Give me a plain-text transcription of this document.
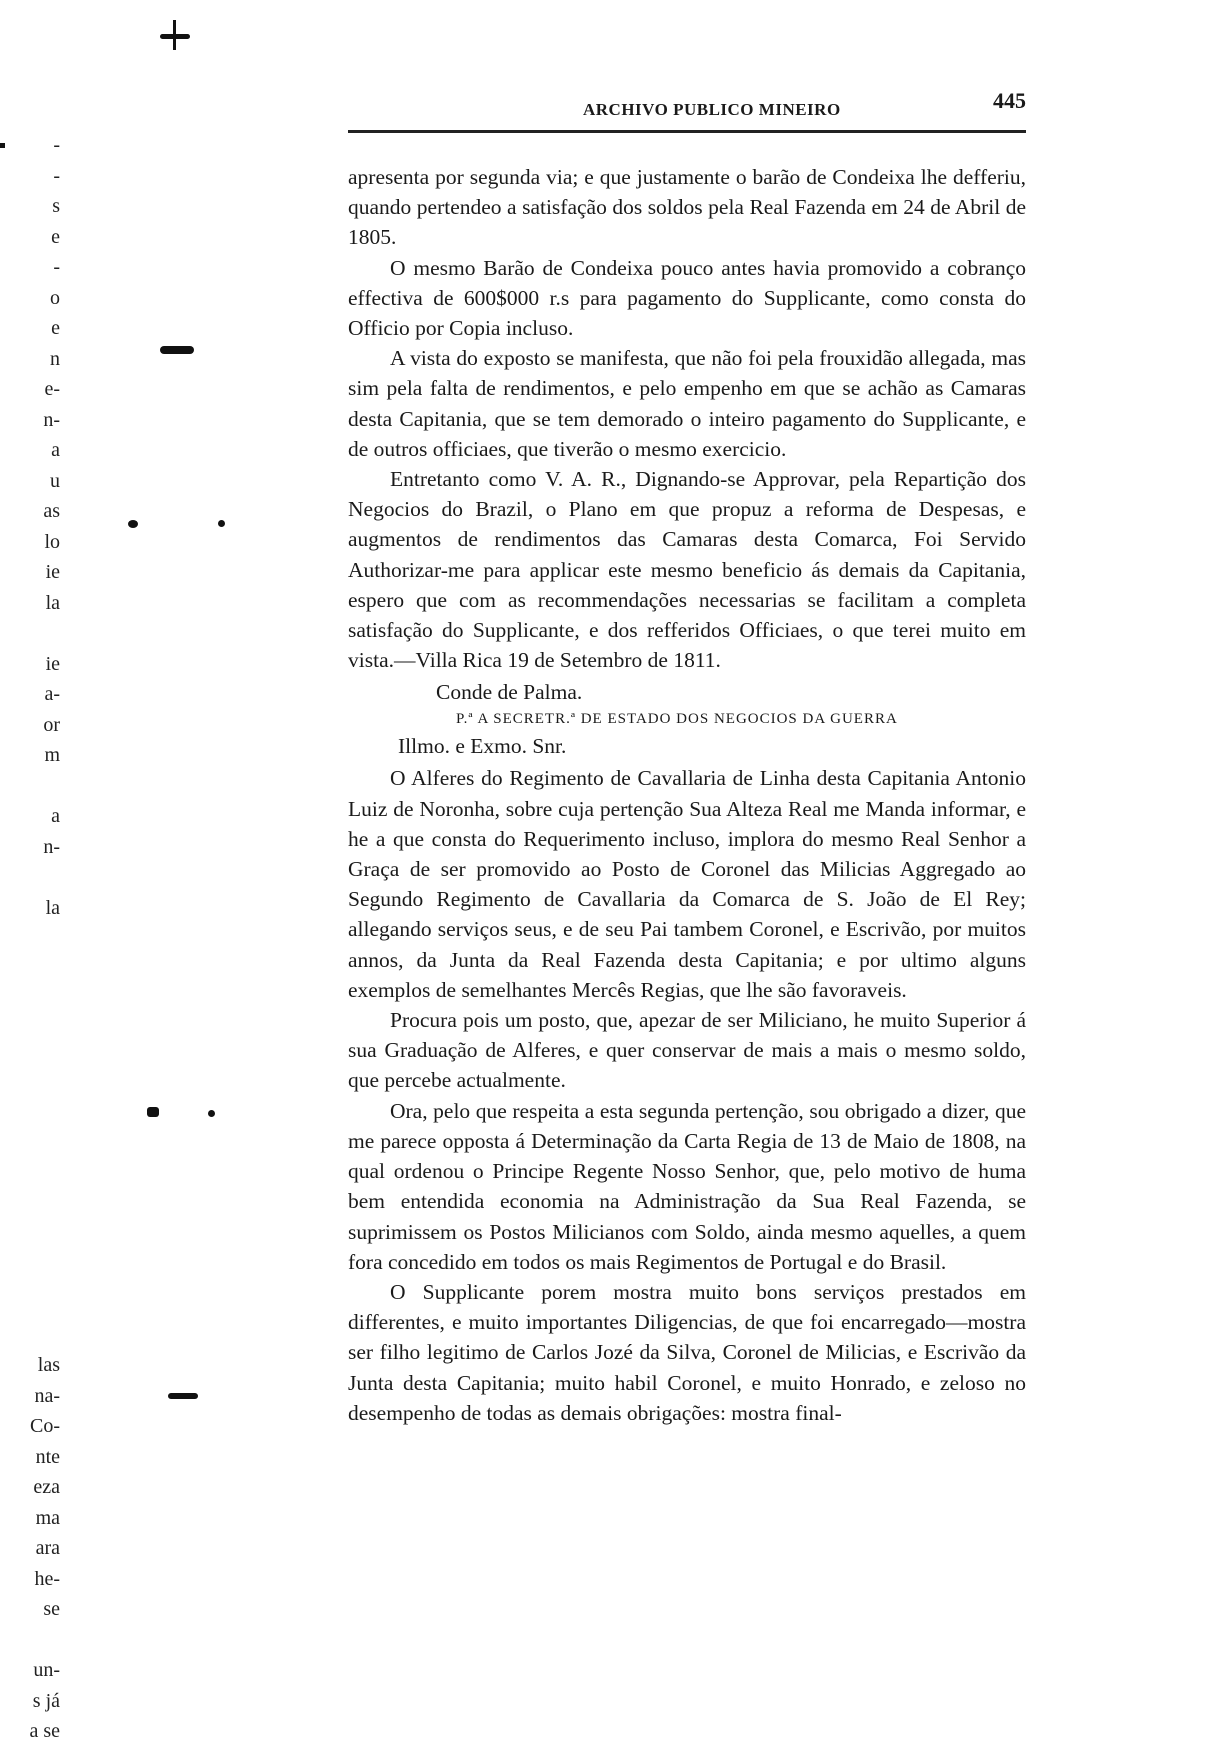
ARCHIVO PUBLICO MINEIRO	445
-
-
s
e
-
o
e
n
e-
n-
a
u
as
lo
ie
la
ie
a-
or
m
a
n-
la
las
na-
Co-
nte
eza
ma
ara
he-
se
un-
s já
a se

apresenta por segunda via; e que justamente o barão de Condeixa lhe defferiu, quando pertendeo a satisfação dos soldos pela Real Fazenda em 24 de Abril de 1805.

O mesmo Barão de Condeixa pouco antes havia promovido a cobranço effectiva de 600$000 r.s para pagamento do Supplicante, como consta do Officio por Copia incluso.

A vista do exposto se manifesta, que não foi pela frouxidão allegada, mas sim pela falta de rendimentos, e pelo empenho em que se achão as Camaras desta Capitania, que se tem demorado o inteiro pagamento do Supplicante, e de outros officiaes, que tiverão o mesmo exercicio.

Entretanto como V. A. R., Dignando-se Approvar, pela Repartição dos Negocios do Brazil, o Plano em que propuz a reforma de Despesas, e augmentos de rendimentos das Camaras desta Comarca, Foi Servido Authorizar-me para applicar este mesmo beneficio ás demais da Capitania, espero que com as recommendações necessarias se facilitam a completa satisfação do Supplicante, e dos refferidos Officiaes, o que terei muito em vista.—Villa Rica 19 de Setembro de 1811.

Conde de Palma.

P.ª A SECRETR.ª DE ESTADO DOS NEGOCIOS DA GUERRA

Illmo. e Exmo. Snr.

O Alferes do Regimento de Cavallaria de Linha desta Capitania Antonio Luiz de Noronha, sobre cuja pertenção Sua Alteza Real me Manda informar, e he a que consta do Requerimento incluso, implora do mesmo Real Senhor a Graça de ser promovido ao Posto de Coronel das Milicias Aggregado ao Segundo Regimento de Cavallaria da Comarca de S. João de El Rey; allegando serviços seus, e de seu Pai tambem Coronel, e Escrivão, por muitos annos, da Junta da Real Fazenda desta Capitania; e por ultimo alguns exemplos de semelhantes Mercês Regias, que lhe são favoraveis.

Procura pois um posto, que, apezar de ser Miliciano, he muito Superior á sua Graduação de Alferes, e quer conservar de mais a mais o mesmo soldo, que percebe actualmente.

Ora, pelo que respeita a esta segunda pertenção, sou obrigado a dizer, que me parece opposta á Determinação da Carta Regia de 13 de Maio de 1808, na qual ordenou o Principe Regente Nosso Senhor, que, pelo motivo de huma bem entendida economia na Administração da Sua Real Fazenda, se suprimissem os Postos Milicianos com Soldo, ainda mesmo aquelles, a quem fora concedido em todos os mais Regimentos de Portugal e do Brasil.

O Supplicante porem mostra muito bons serviços prestados em differentes, e muito importantes Diligencias, de que foi encarregado—mostra ser filho legitimo de Carlos Jozé da Silva, Coronel de Milicias, e Escrivão da Junta desta Capitania; muito habil Coronel, e muito Honrado, e zeloso no desempenho de todas as demais obrigações: mostra final-
